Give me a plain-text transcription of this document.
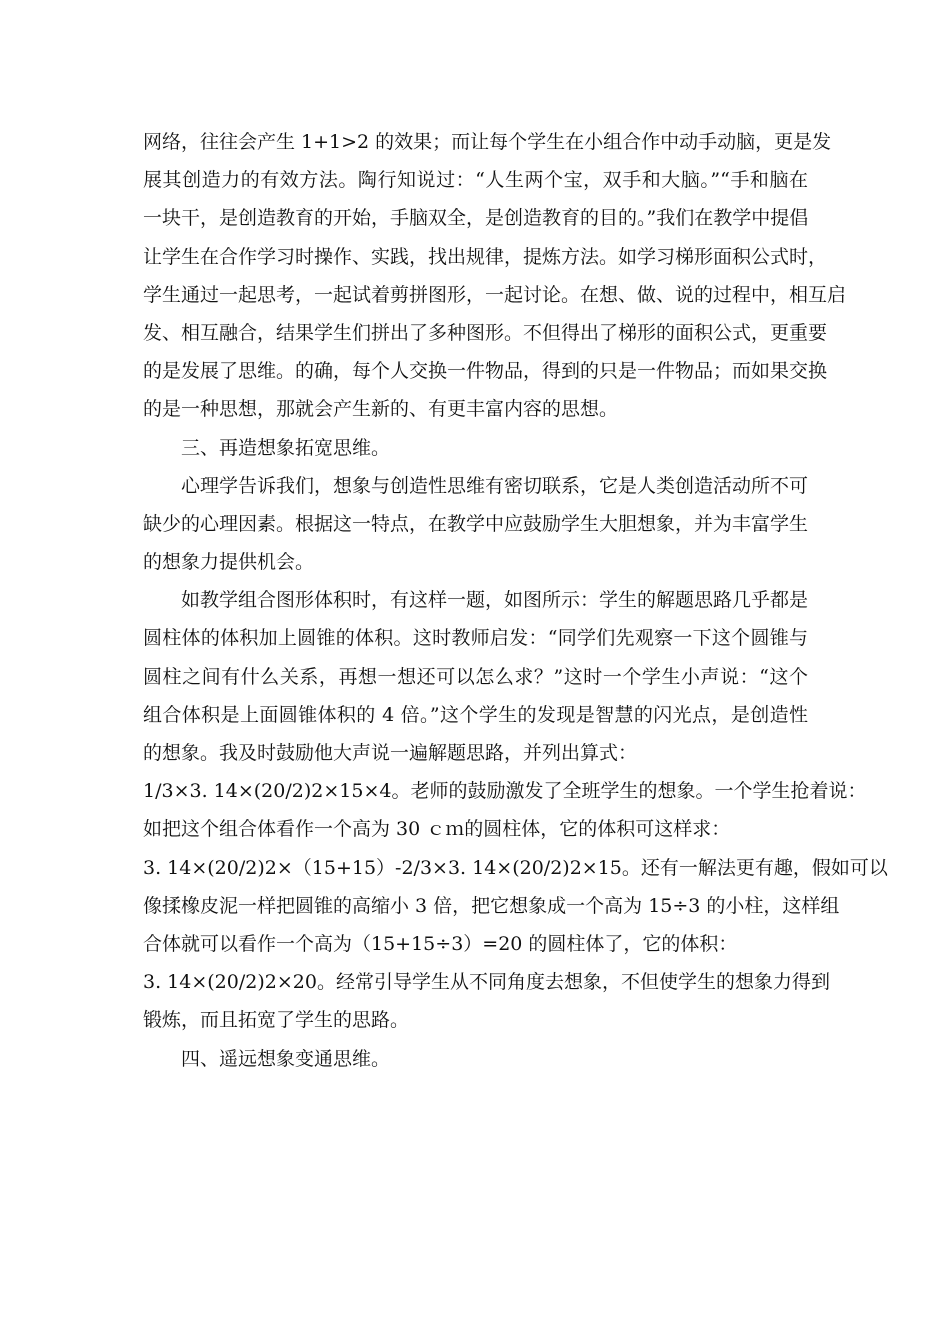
网络，往往会产生 1+1>2 的效果；而让每个学生在小组合作中动手动脑，更是发
展其创造力的有效方法。陶行知说过：“人生两个宝，双手和大脑。”“手和脑在
一块干，是创造教育的开始，手脑双全，是创造教育的目的。”我们在教学中提倡
让学生在合作学习时操作、实践，找出规律，提炼方法。如学习梯形面积公式时，
学生通过一起思考，一起试着剪拼图形，一起讨论。在想、做、说的过程中，相互启
发、相互融合，结果学生们拼出了多种图形。不但得出了梯形的面积公式，更重要
的是发展了思维。的确，每个人交换一件物品，得到的只是一件物品；而如果交换
的是一种思想，那就会产生新的、有更丰富内容的思想。
三、再造想象拓宽思维。
心理学告诉我们，想象与创造性思维有密切联系，它是人类创造活动所不可
缺少的心理因素。根据这一特点，在教学中应鼓励学生大胆想象，并为丰富学生
的想象力提供机会。
如教学组合图形体积时，有这样一题，如图所示：学生的解题思路几乎都是
圆柱体的体积加上圆锥的体积。这时教师启发：“同学们先观察一下这个圆锥与
圆柱之间有什么关系，再想一想还可以怎么求？”这时一个学生小声说：“这个
组合体积是上面圆锥体积的 4 倍。”这个学生的发现是智慧的闪光点，是创造性
的想象。我及时鼓励他大声说一遍解题思路，并列出算式：
1/3×3. 14×(20/2)2×15×4。老师的鼓励激发了全班学生的想象。一个学生抢着说：
如把这个组合体看作一个高为 30 ｃｍ的圆柱体，它的体积可这样求：
3. 14×(20/2)2×（15+15）-2/3×3. 14×(20/2)2×15。还有一解法更有趣，假如可以
像揉橡皮泥一样把圆锥的高缩小 3 倍，把它想象成一个高为 15÷3 的小柱，这样组
合体就可以看作一个高为（15+15÷3）=20 的圆柱体了，它的体积：
3. 14×(20/2)2×20。经常引导学生从不同角度去想象，不但使学生的想象力得到
锻炼，而且拓宽了学生的思路。
四、遥远想象变通思维。
